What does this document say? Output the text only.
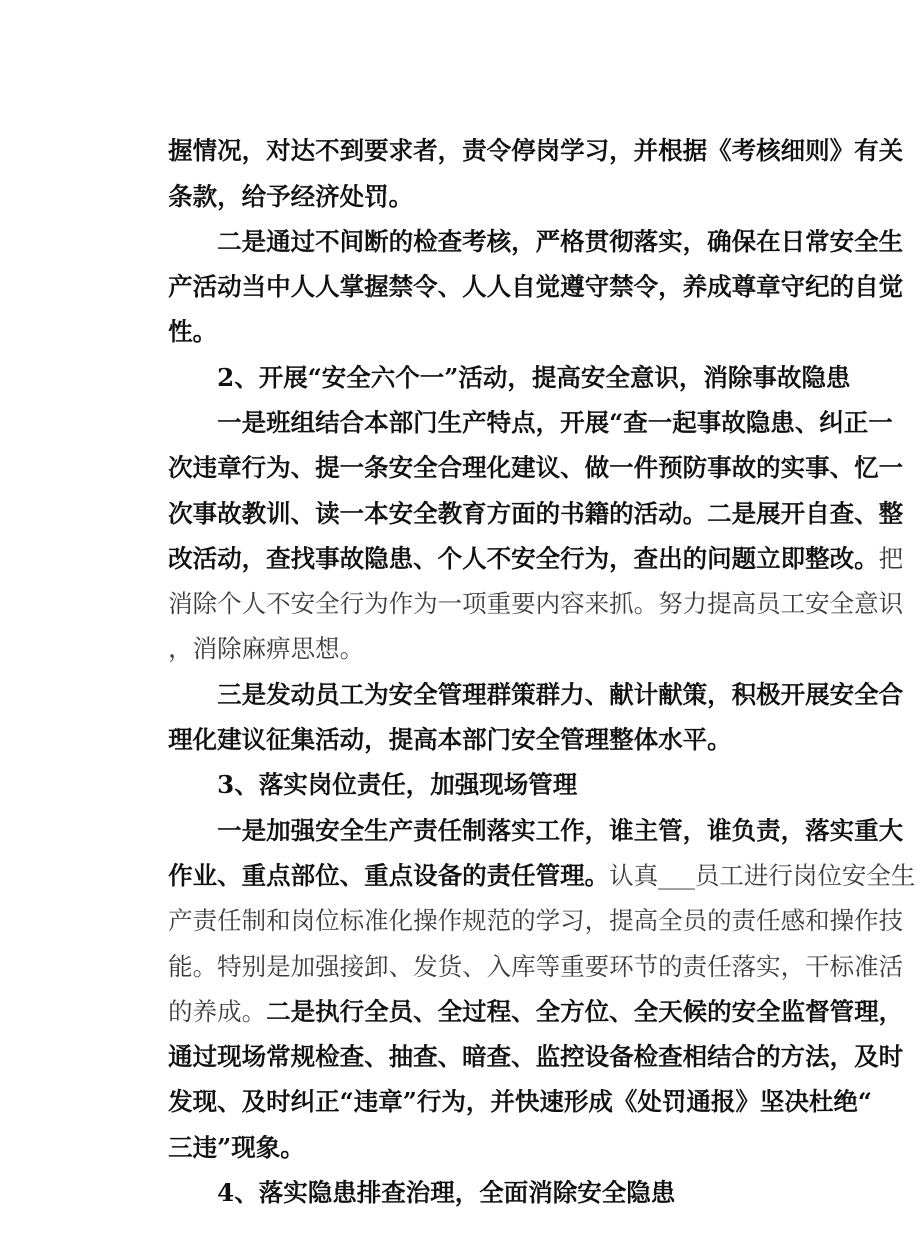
握情况，对达不到要求者，责令停岗学习，并根据《考核细则》有关

条款，给予经济处罚。

　　二是通过不间断的检查考核，严格贯彻落实，确保在日常安全生

产活动当中人人掌握禁令、人人自觉遵守禁令，养成尊章守纪的自觉

性。

　　2、开展“安全六个一”活动，提高安全意识，消除事故隐患

　　一是班组结合本部门生产特点，开展“查一起事故隐患、纠正一

次违章行为、提一条安全合理化建议、做一件预防事故的实事、忆一

次事故教训、读一本安全教育方面的书籍的活动。二是展开自查、整

改活动，查找事故隐患、个人不安全行为，查出的问题立即整改。把

消除个人不安全行为作为一项重要内容来抓。努力提高员工安全意识

，消除麻痹思想。

　　三是发动员工为安全管理群策群力、献计献策，积极开展安全合

理化建议征集活动，提高本部门安全管理整体水平。

　　3、落实岗位责任，加强现场管理

　　一是加强安全生产责任制落实工作，谁主管，谁负责，落实重大

作业、重点部位、重点设备的责任管理。认真___员工进行岗位安全生

产责任制和岗位标准化操作规范的学习，提高全员的责任感和操作技

能。特别是加强接卸、发货、入库等重要环节的责任落实，干标准活

的养成。二是执行全员、全过程、全方位、全天候的安全监督管理，

通过现场常规检查、抽查、暗查、监控设备检查相结合的方法，及时

发现、及时纠正“违章”行为，并快速形成《处罚通报》坚决杜绝“

三违”现象。

　　4、落实隐患排查治理，全面消除安全隐患
